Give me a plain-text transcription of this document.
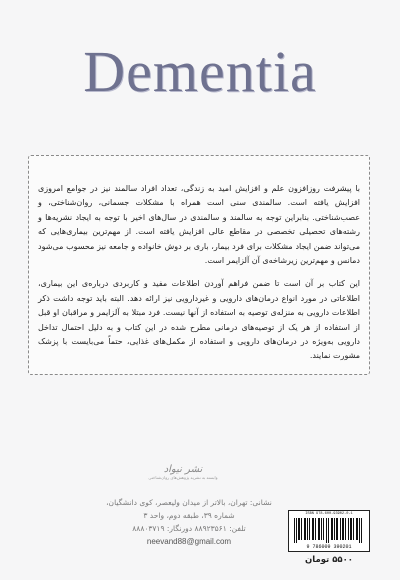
Dementia

با پیشرفت روزافزون علم و افزایش امید به زندگی، تعداد افراد سالمند نیز در جوامع امروزی افزایش یافته است. سالمندی سنی است همراه با مشکلات جسمانی، روان‌شناختی، و عصب‌شناختی. بنابراین توجه به سالمند و سالمندی در سال‌های اخیر با توجه به ایجاد نشریه‌ها و رشته‌های تحصیلی تخصصی در مقاطع عالی افزایش یافته است. از مهم‌ترین بیماری‌هایی که می‌تواند ضمن ایجاد مشکلات برای فرد بیمار، باری بر دوش خانواده و جامعه نیز محسوب می‌شود دمانس و مهم‌ترین زیرشاخه‌ی آن آلزایمر است.

این کتاب بر آن است تا ضمن فراهم آوردن اطلاعات مفید و کاربردی درباره‌ی این بیماری، اطلاعاتی در مورد انواع درمان‌های دارویی و غیردارویی نیز ارائه دهد. البته باید توجه داشت ذکر اطلاعات دارویی به منزله‌ی توصیه به استفاده از آنها نیست. فرد مبتلا به آلزایمر و مراقبان او قبل از استفاده از هر یک از توصیه‌های درمانی مطرح شده در این کتاب و به دلیل احتمال تداخل دارویی به‌ویژه در درمان‌های دارویی و استفاده از مکمل‌های غذایی، حتماً می‌بایست با پزشک مشورت نمایند.

نشر نیواد
وابسته به نشریه پژوهش‌های روان‌شناختی
نشانی: تهران، بالاتر از میدان ولیعصر، کوی دانشگیان،
شماره ۳۹، طبقه دوم، واحد ۳
تلفن: ۸۸۹۲۳۵۶۱ دورنگار: ۸۸۸۰۳۷۱۹
neevand88@gmail.com
ISBN 978-600-93902-0-1
9 786009 390201
۵۵۰۰ تومان
